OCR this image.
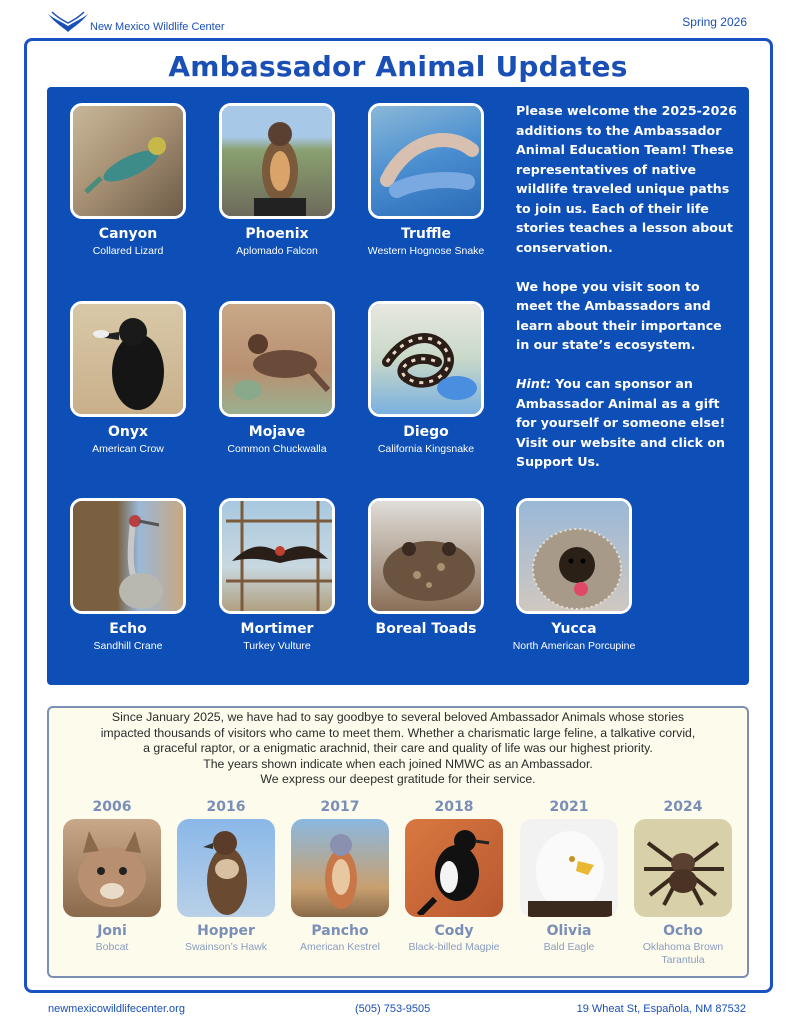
New Mexico Wildlife Center	Spring 2026
Ambassador Animal Updates
Canyon
Collared Lizard
Phoenix
Aplomado Falcon
Truffle
Western Hognose Snake
Onyx
American Crow
Mojave
Common Chuckwalla
Diego
California Kingsnake
Echo
Sandhill Crane
Mortimer
Turkey Vulture
Boreal Toads	Yucca
North American Porcupine

Please welcome the 2025-2026 additions to the Ambassador Animal Education Team! These representatives of native wildlife traveled unique paths to join us. Each of their life stories teaches a lesson about conservation.

We hope you visit soon to meet the Ambassadors and learn about their importance in our state’s ecosystem.

Hint: You can sponsor an Ambassador Animal as a gift for yourself or someone else! Visit our website and click on Support Us.

Since January 2025, we have had to say goodbye to several beloved Ambassador Animals whose stories
impacted thousands of visitors who came to meet them. Whether a charismatic large feline, a talkative corvid,
a graceful raptor, or a enigmatic arachnid, their care and quality of life was our highest priority.
The years shown indicate when each joined NMWC as an Ambassador.
We express our deepest gratitude for their service.
2006
Joni
Bobcat
2016
Hopper
Swainson’s Hawk
2017
Pancho
American Kestrel
2018
Cody
Black-billed Magpie
2021
Olivia
Bald Eagle
2024
Ocho
Oklahoma Brown Tarantula
newmexicowildlifecenter.org	(505) 753-9505	19 Wheat St, Española, NM 87532
